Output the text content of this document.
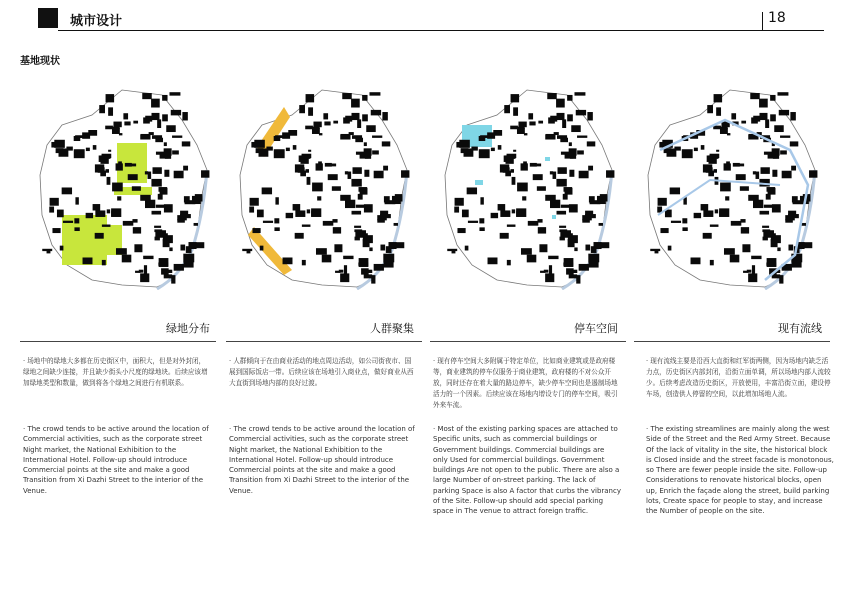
城市设计	18
基地现状
绿地分布	人群聚集	停车空间	现有流线

· 场地中的绿地大多都在历史街区中，面积大，但是对外封闭，绿地之间缺少连接，并且缺少街头小尺度的绿地块。后续应该增加绿地类型和数量，做到将各个绿地之间进行有机联系。

· 人群倾向于在由商业活动的地点周边活动，如公司街夜市、国展到国际饭店一带。后续应该在场地引入商业点，做好商业从西大直街到场地内部的良好过渡。

· 现有停车空间大多附属于特定单位，比如商业建筑或是政府楼等，商业建筑的停车仅服务于商业建筑，政府楼的不对公众开放，同时还存在着大量的路边停车，缺少停车空间也是遏制场地活力的一个因素。后续应该在场地内增设专门的停车空间，吸引外来车流。

· 现有流线主要是沿西大直街和红军街两侧，因为场地内缺乏活力点，历史街区内部封闭，沿街立面单调，所以场地内部人流较少。后续考虑改造历史街区，开放使用，丰富沿街立面，建设停车场，创造供人停留的空间，以此增加场地人流。

· The crowd tends to be active around the location of Commercial activities, such as the corporate street Night market, the National Exhibition to the International Hotel. Follow-up should introduce Commercial points at the site and make a good Transition from Xi Dazhi Street to the interior of the Venue.

· The crowd tends to be active around the location of Commercial activities, such as the corporate street Night market, the National Exhibition to the International Hotel. Follow-up should introduce Commercial points at the site and make a good Transition from Xi Dazhi Street to the interior of the Venue.

· Most of the existing parking spaces are attached to Specific units, such as commercial buildings or Government buildings. Commercial buildings are only Used for commercial buildings. Government buildings Are not open to the public. There are also a large Number of on-street parking. The lack of parking Space is also A factor that curbs the vibrancy of the Site. Follow-up should add special parking space in The venue to attract foreign traffic.

· The existing streamlines are mainly along the west Side of the Street and the Red Army Street. Because Of the lack of vitality in the site, the historical block is Closed inside and the street facade is monotonous, so There are fewer people inside the site. Follow-up Considerations to renovate historical blocks, open up, Enrich the façade along the street, build parking lots, Create space for people to stay, and increase the Number of people on the site.
